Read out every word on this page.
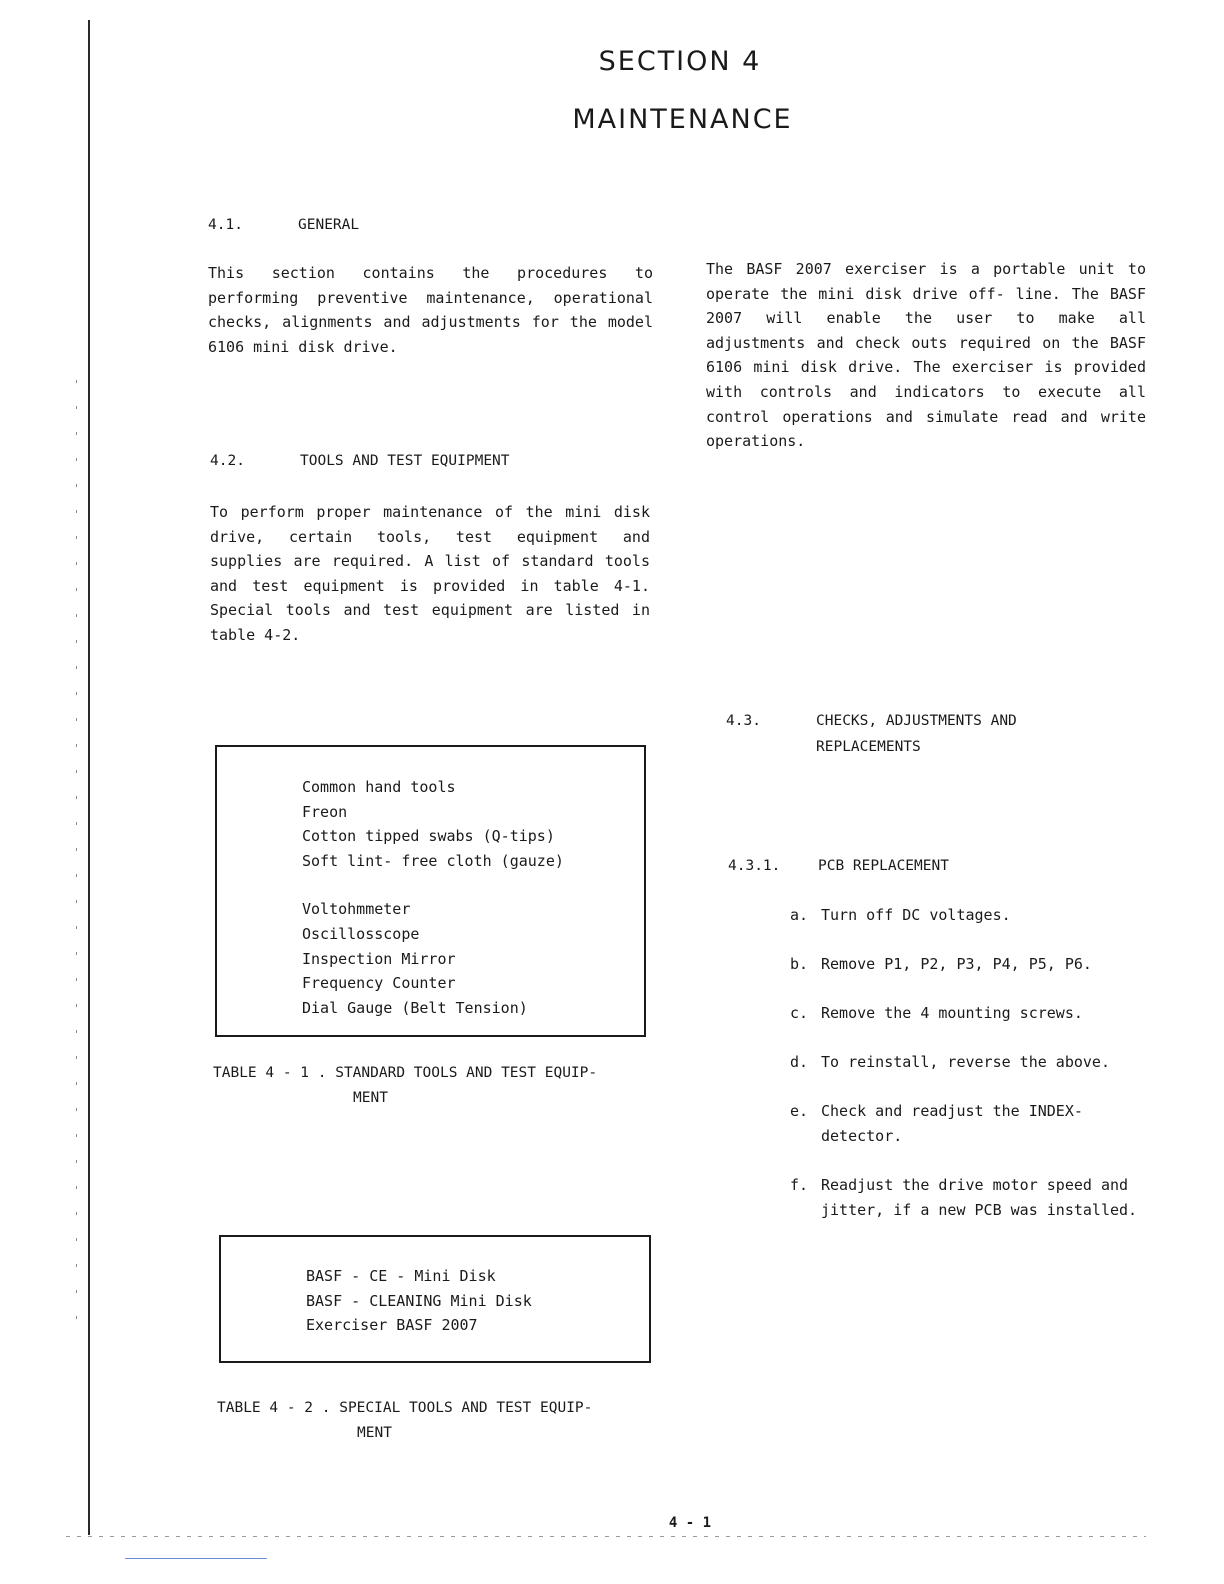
SECTION 4
MAINTENANCE
4.1.	GENERAL

This section contains the procedures to performing preventive maintenance, operational checks, alignments and adjustments for the model 6106 mini disk drive.

The BASF 2007 exerciser is a portable unit to operate the mini disk drive off- line. The BASF 2007 will enable the user to make all adjustments and check outs required on the BASF 6106 mini disk drive. The exerciser is provided with controls and indicators to execute all control operations and simulate read and write operations.

4.2.	TOOLS AND TEST EQUIPMENT

To perform proper maintenance of the mini disk drive, certain tools, test equipment and supplies are required. A list of standard tools and test equipment is provided in table 4-1. Special tools and test equipment are listed in table 4-2.

Common hand tools
Freon
Cotton tipped swabs (Q-tips)
Soft lint- free cloth (gauze)
Voltohmmeter
Oscillosscope
Inspection Mirror
Frequency Counter
Dial Gauge (Belt Tension)

TABLE 4 - 1 . STANDARD TOOLS AND TEST EQUIP-
MENT

BASF - CE - Mini Disk
BASF - CLEANING Mini Disk
Exerciser BASF 2007

TABLE 4 - 2 . SPECIAL TOOLS AND TEST EQUIP-
MENT

4.3.	CHECKS, ADJUSTMENTS AND
REPLACEMENTS
4.3.1.	PCB REPLACEMENT
a. Turn off DC voltages.
b. Remove P1, P2, P3, P4, P5, P6.
c. Remove the 4 mounting screws.
d. To reinstall, reverse the above.
e. Check and readjust the INDEX-detector.
f. Readjust the drive motor speed and jitter, if a new PCB was installed.
4 - 1
